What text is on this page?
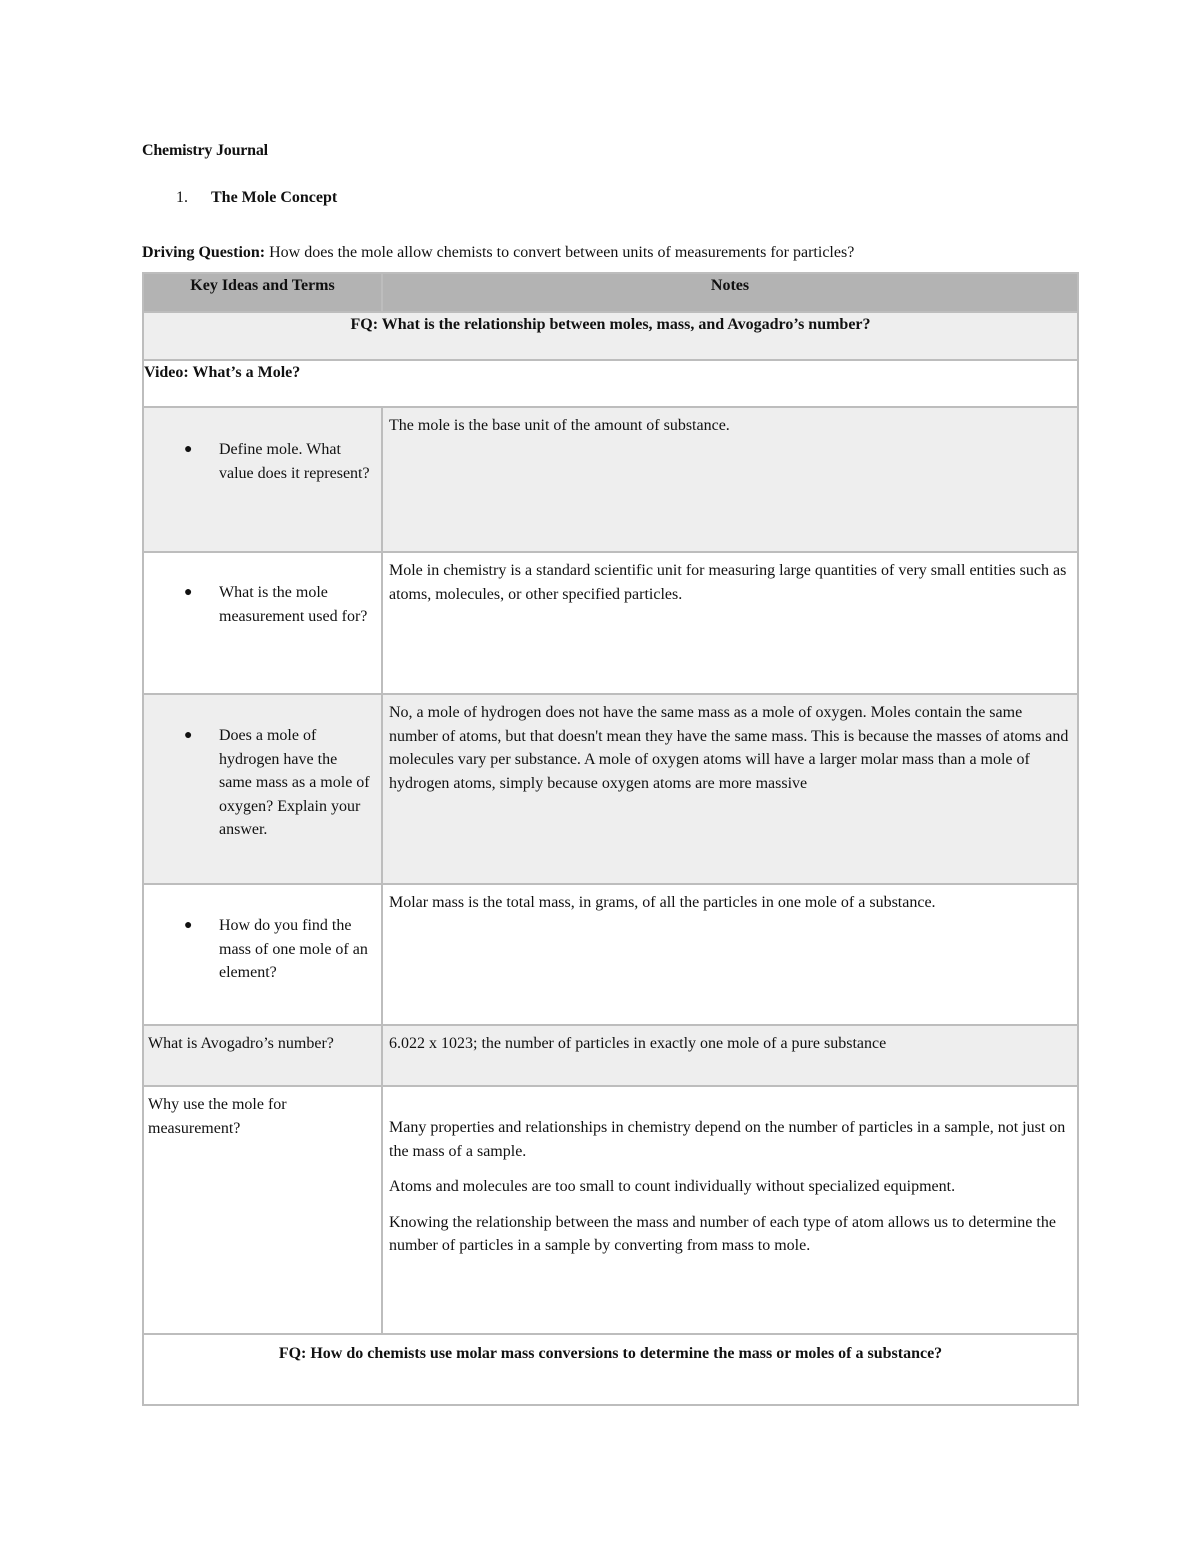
Chemistry Journal
1.	The Mole Concept
Driving Question: How does the mole allow chemists to convert between units of measurements for particles?
Key Ideas and Terms	Notes
FQ: What is the relationship between moles, mass, and Avogadro’s number?	
Video: What’s a Mole?	

● Define mole. What value does it represent?	The mole is the base unit of the amount of substance.

● What is the mole measurement used for?	Mole in chemistry is a standard scientific unit for measuring large quantities of very small entities such as atoms, molecules, or other specified particles.

● Does a mole of hydrogen have the same mass as a mole of oxygen? Explain your answer.	No, a mole of hydrogen does not have the same mass as a mole of oxygen. Moles contain the same number of atoms, but that doesn't mean they have the same mass. This is because the masses of atoms and molecules vary per substance. A mole of oxygen atoms will have a larger molar mass than a mole of hydrogen atoms, simply because oxygen atoms are more massive

● How do you find the mass of one mole of an element?	Molar mass is the total mass, in grams, of all the particles in one mole of a substance.

What is Avogadro’s number?	6.022 x 1023; the number of particles in exactly one mole of a pure substance

Why use the mole for measurement?	Many properties and relationships in chemistry depend on the number of particles in a sample, not just on the mass of a sample.

Atoms and molecules are too small to count individually without specialized equipment.

Knowing the relationship between the mass and number of each type of atom allows us to determine the number of particles in a sample by converting from mass to mole.

FQ: How do chemists use molar mass conversions to determine the mass or moles of a substance?	
